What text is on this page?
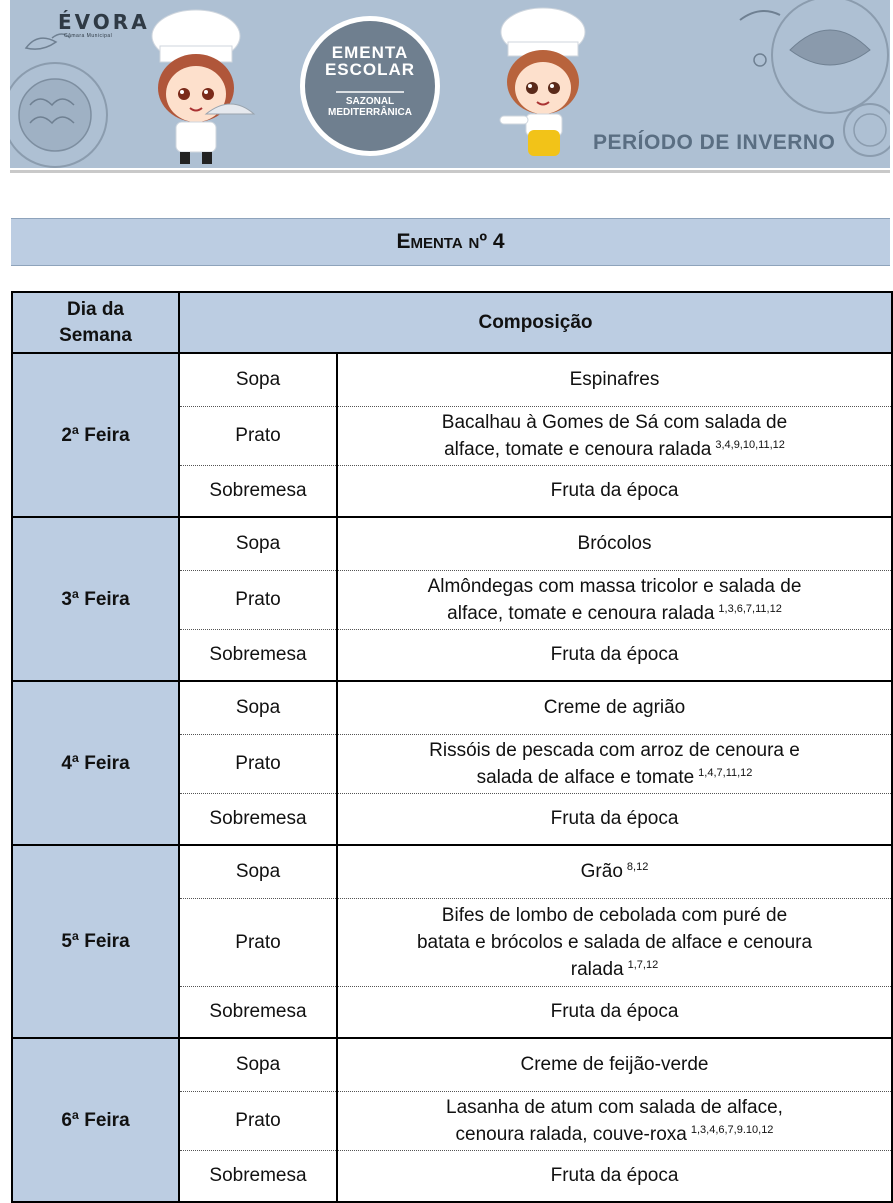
ÉVORA
Câmara Municipal
EMENTA
ESCOLAR
SAZONAL
MEDITERRÂNICA
PERÍODO DE INVERNO
Ementa nº 4
Dia da Semana	Composição	
2ª Feira	Sopa	Espinafres
	Prato	Bacalhau à Gomes de Sá com salada de
alface, tomate e cenoura ralada $^{3,4,9,10,11,12}$

	Sobremesa	Fruta da época
3ª Feira	Sopa	Brócolos
	Prato	Almôndegas com massa tricolor e salada de
alface, tomate e cenoura ralada $^{1,3,6,7,11,12}$

	Sobremesa	Fruta da época
4ª Feira	Sopa	Creme de agrião
	Prato	Rissóis de pescada com arroz de cenoura e
salada de alface e tomate $^{1,4,7,11,12}$

	Sobremesa	Fruta da época
5ª Feira	Sopa	Grão $^{8,12}$
	Prato	Bifes de lombo de cebolada com puré de
batata e brócolos e salada de alface e cenoura
ralada $^{1,7,12}$

	Sobremesa	Fruta da época
6ª Feira	Sopa	Creme de feijão-verde
	Prato	Lasanha de atum com salada de alface,
cenoura ralada, couve-roxa $^{1,3,4,6,7,9.10,12}$

	Sobremesa	Fruta da época
